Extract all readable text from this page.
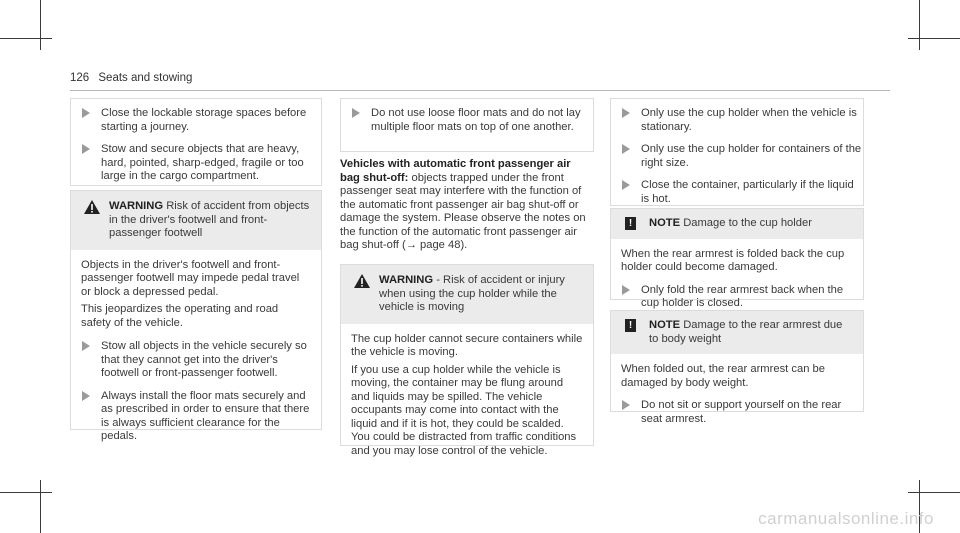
126 Seats and stowing
Close the lockable storage spaces before starting a journey.
Stow and secure objects that are heavy, hard, pointed, sharp-edged, fragile or too large in the cargo compartment.
WARNING Risk of accident from objects in the driver's footwell and front-passenger footwell

Objects in the driver's footwell and front-passenger footwell may impede pedal travel or block a depressed pedal.

This jeopardizes the operating and road safety of the vehicle.

Stow all objects in the vehicle securely so that they cannot get into the driver's footwell or front-passenger footwell.
Always install the floor mats securely and as prescribed in order to ensure that there is always sufficient clearance for the pedals.
Do not use loose floor mats and do not lay multiple floor mats on top of one another.

Vehicles with automatic front passenger air bag shut-off: objects trapped under the front passenger seat may interfere with the function of the automatic front passenger air bag shut-off or damage the system. Please observe the notes on the function of the automatic front passenger air bag shut-off (→ page 48).

WARNING - Risk of accident or injury when using the cup holder while the vehicle is moving

The cup holder cannot secure containers while the vehicle is moving.

If you use a cup holder while the vehicle is moving, the container may be flung around and liquids may be spilled. The vehicle occupants may come into contact with the liquid and if it is hot, they could be scalded. You could be distracted from traffic conditions and you may lose control of the vehicle.

Only use the cup holder when the vehicle is stationary.
Only use the cup holder for containers of the right size.
Close the container, particularly if the liquid is hot.
!	NOTE Damage to the cup holder

When the rear armrest is folded back the cup holder could become damaged.

Only fold the rear armrest back when the cup holder is closed.
!	NOTE Damage to the rear armrest due to body weight

When folded out, the rear armrest can be damaged by body weight.

Do not sit or support yourself on the rear seat armrest.
carmanualsonline.info
